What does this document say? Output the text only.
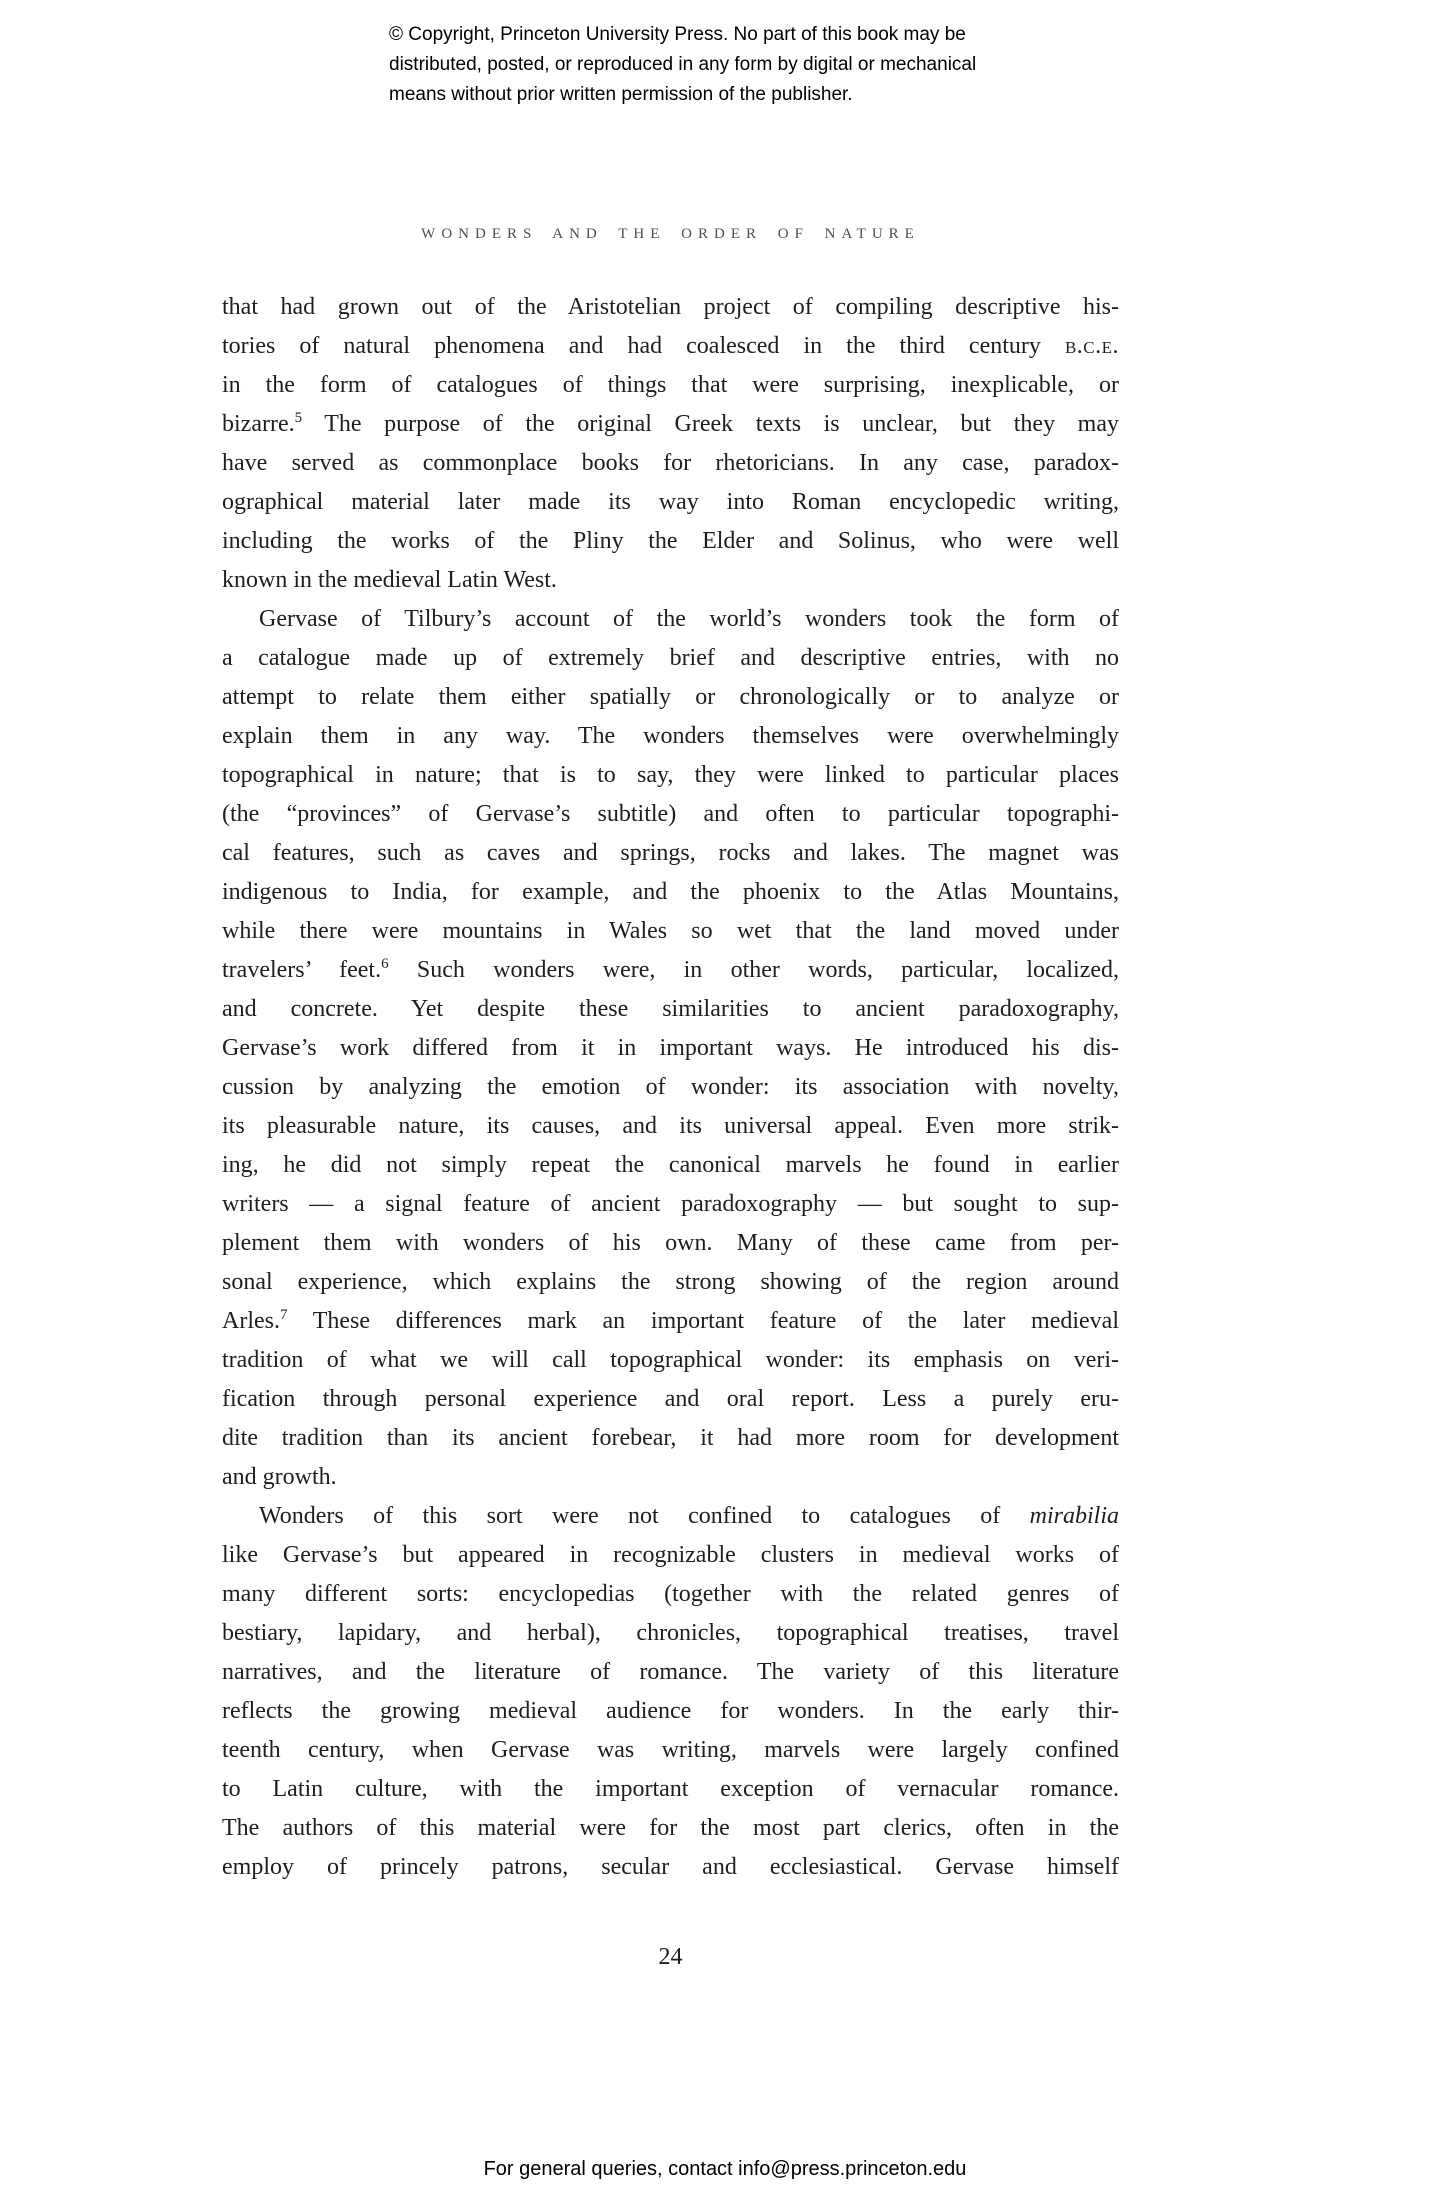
© Copyright, Princeton University Press. No part of this book may be
distributed, posted, or reproduced in any form by digital or mechanical
means without prior written permission of the publisher.
WONDERS AND THE ORDER OF NATURE
that had grown out of the Aristotelian project of compiling descriptive his-
tories of natural phenomena and had coalesced in the third century b.c.e.
in the form of catalogues of things that were surprising, inexplicable, or
bizarre.$^5$ The purpose of the original Greek texts is unclear, but they may
have served as commonplace books for rhetoricians. In any case, paradox-
ographical material later made its way into Roman encyclopedic writing,
including the works of the Pliny the Elder and Solinus, who were well
known in the medieval Latin West.
Gervase of Tilbury’s account of the world’s wonders took the form of
a catalogue made up of extremely brief and descriptive entries, with no
attempt to relate them either spatially or chronologically or to analyze or
explain them in any way. The wonders themselves were overwhelmingly
topographical in nature; that is to say, they were linked to particular places
(the “provinces” of Gervase’s subtitle) and often to particular topographi-
cal features, such as caves and springs, rocks and lakes. The magnet was
indigenous to India, for example, and the phoenix to the Atlas Mountains,
while there were mountains in Wales so wet that the land moved under
travelers’ feet.$^6$ Such wonders were, in other words, particular, localized,
and concrete. Yet despite these similarities to ancient paradoxography,
Gervase’s work differed from it in important ways. He introduced his dis-
cussion by analyzing the emotion of wonder: its association with novelty,
its pleasurable nature, its causes, and its universal appeal. Even more strik-
ing, he did not simply repeat the canonical marvels he found in earlier
writers — a signal feature of ancient paradoxography — but sought to sup-
plement them with wonders of his own. Many of these came from per-
sonal experience, which explains the strong showing of the region around
Arles.$^7$ These differences mark an important feature of the later medieval
tradition of what we will call topographical wonder: its emphasis on veri-
fication through personal experience and oral report. Less a purely eru-
dite tradition than its ancient forebear, it had more room for development
and growth.
Wonders of this sort were not confined to catalogues of mirabilia
like Gervase’s but appeared in recognizable clusters in medieval works of
many different sorts: encyclopedias (together with the related genres of
bestiary, lapidary, and herbal), chronicles, topographical treatises, travel
narratives, and the literature of romance. The variety of this literature
reflects the growing medieval audience for wonders. In the early thir-
teenth century, when Gervase was writing, marvels were largely confined
to Latin culture, with the important exception of vernacular romance.
The authors of this material were for the most part clerics, often in the
employ of princely patrons, secular and ecclesiastical. Gervase himself
24
For general queries, contact info@press.princeton.edu
